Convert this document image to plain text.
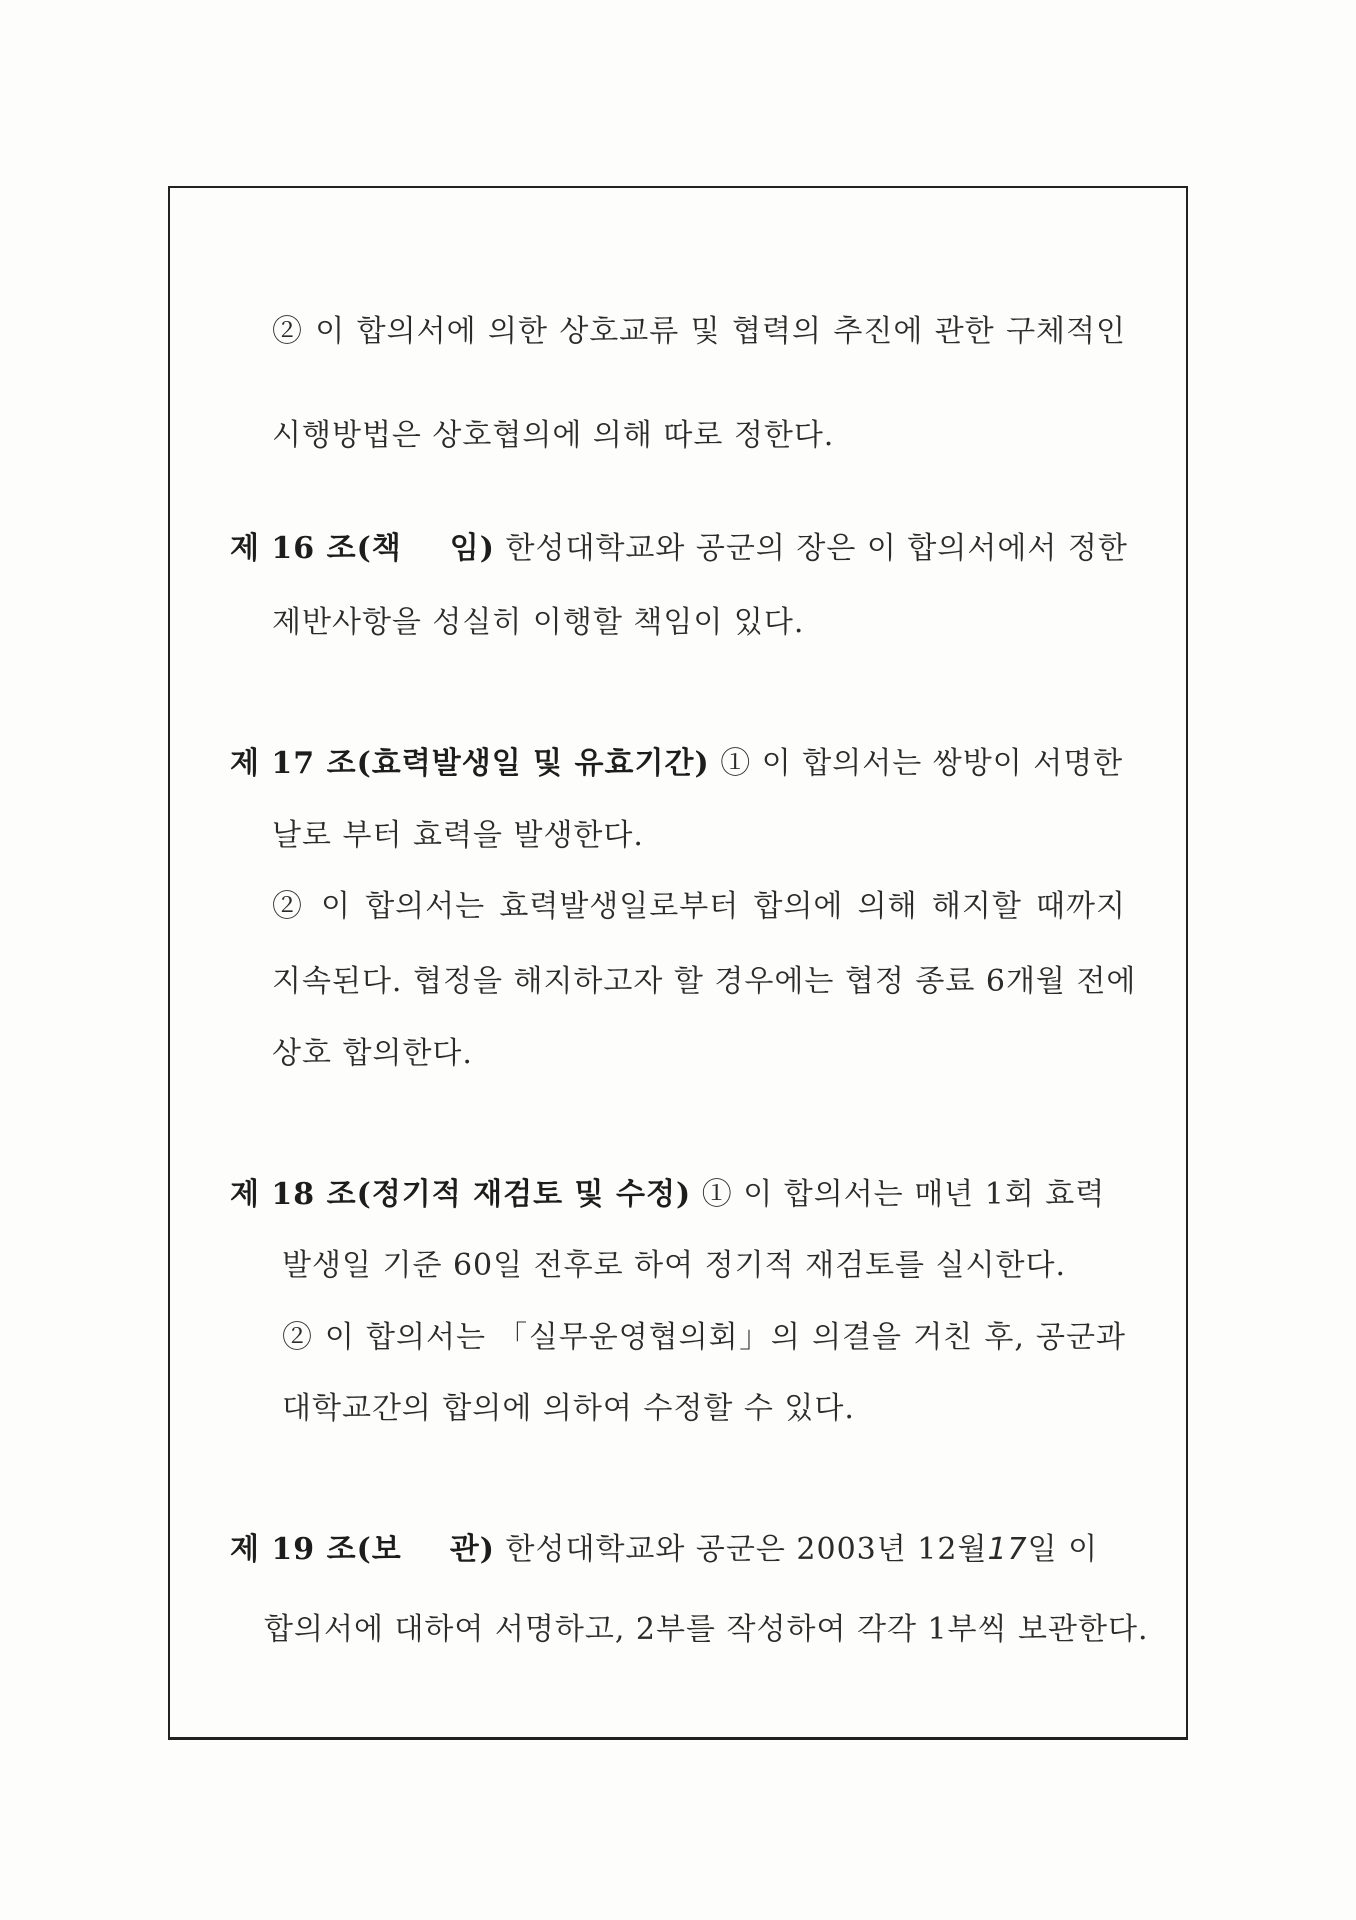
② 이 합의서에 의한 상호교류 및 협력의 추진에 관한 구체적인
시행방법은 상호협의에 의해 따로 정한다.
제 16 조(책 임) 한성대학교와 공군의 장은 이 합의서에서 정한
제반사항을 성실히 이행할 책임이 있다.
제 17 조(효력발생일 및 유효기간) ① 이 합의서는 쌍방이 서명한
날로 부터 효력을 발생한다.
② 이 합의서는 효력발생일로부터 합의에 의해 해지할 때까지
지속된다. 협정을 해지하고자 할 경우에는 협정 종료 6개월 전에
상호 합의한다.
제 18 조(정기적 재검토 및 수정) ① 이 합의서는 매년 1회 효력
발생일 기준 60일 전후로 하여 정기적 재검토를 실시한다.
② 이 합의서는 「실무운영협의회」의 의결을 거친 후, 공군과
대학교간의 합의에 의하여 수정할 수 있다.
제 19 조(보 관) 한성대학교와 공군은 2003년 12월17일 이
합의서에 대하여 서명하고, 2부를 작성하여 각각 1부씩 보관한다.
